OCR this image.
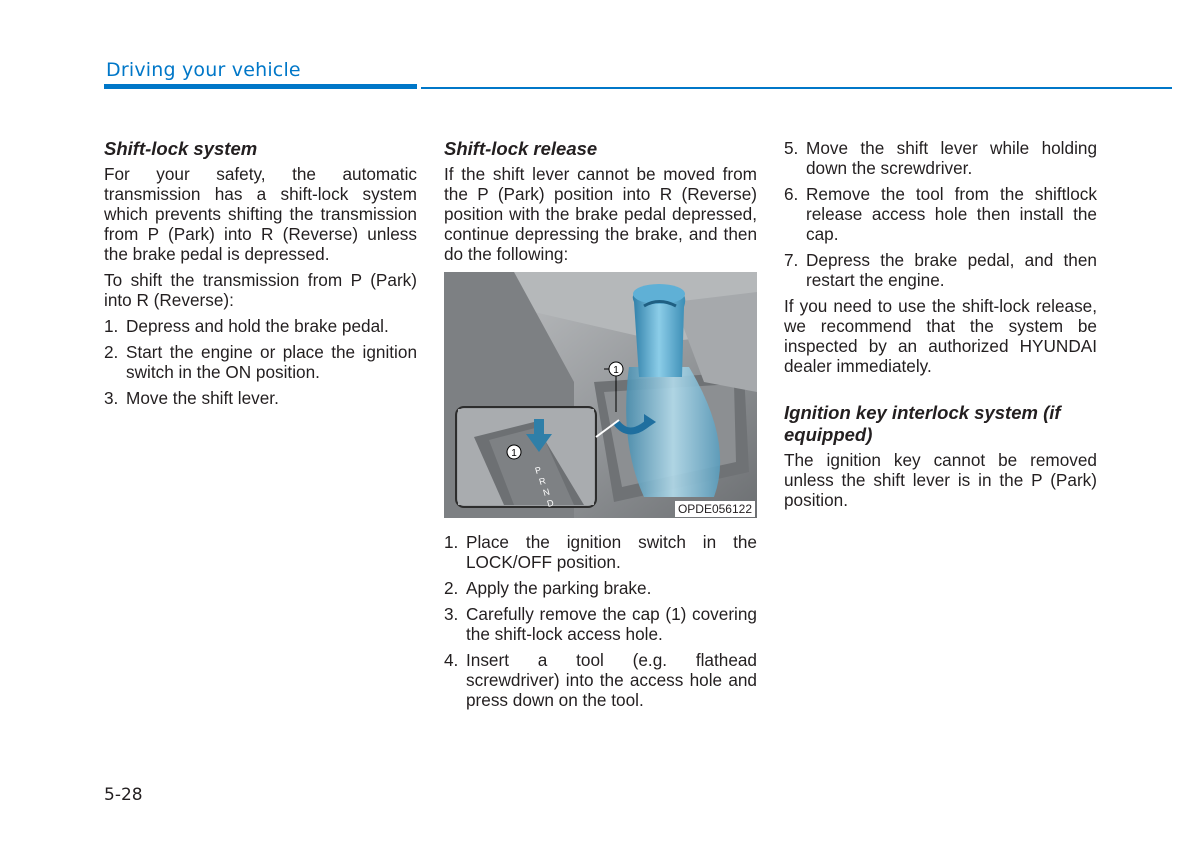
Driving your vehicle
Shift-lock system

For your safety, the automatic transmission has a shift-lock system which prevents shifting the transmission from P (Park) into R (Reverse) unless the brake pedal is depressed.

To shift the transmission from P (Park) into R (Reverse):

1. Depress and hold the brake pedal.
2. Start the engine or place the ignition switch in the ON position.
3. Move the shift lever.
Shift-lock release

If the shift lever cannot be moved from the P (Park) position into R (Reverse) position with the brake pedal depressed, continue depressing the brake, and then do the following:

1
1
P
R
N
D	OPDE056122
1. Place the ignition switch in the LOCK/OFF position.
2. Apply the parking brake.
3. Carefully remove the cap (1) covering the shift-lock access hole.
4. Insert a tool (e.g. flathead screwdriver) into the access hole and press down on the tool.
5. Move the shift lever while holding down the screwdriver.
6. Remove the tool from the shiftlock release access hole then install the cap.
7. Depress the brake pedal, and then restart the engine.

If you need to use the shift-lock release, we recommend that the system be inspected by an authorized HYUNDAI dealer immediately.

Ignition key interlock system (if equipped)

The ignition key cannot be removed unless the shift lever is in the P (Park) position.

5-28
